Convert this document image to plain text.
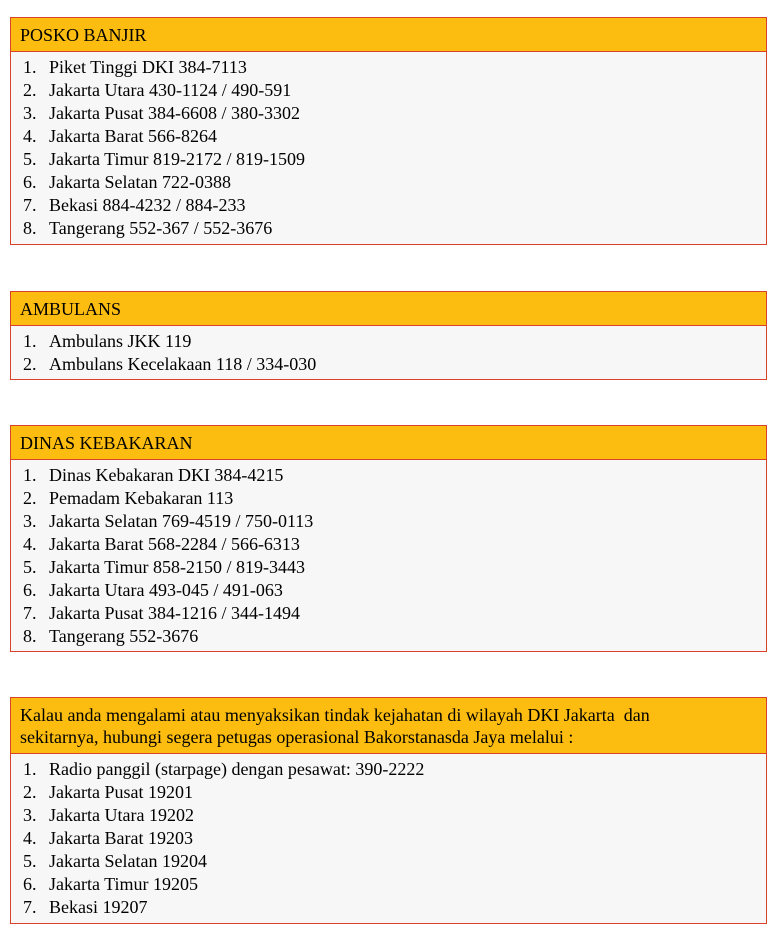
POSKO BANJIR
1. Piket Tinggi DKI 384-7113
2. Jakarta Utara 430-1124 / 490-591
3. Jakarta Pusat 384-6608 / 380-3302
4. Jakarta Barat 566-8264
5. Jakarta Timur 819-2172 / 819-1509
6. Jakarta Selatan 722-0388
7. Bekasi 884-4232 / 884-233
8. Tangerang 552-367 / 552-3676
AMBULANS
1. Ambulans JKK 119
2. Ambulans Kecelakaan 118 / 334-030
DINAS KEBAKARAN
1. Dinas Kebakaran DKI 384-4215
2. Pemadam Kebakaran 113
3. Jakarta Selatan 769-4519 / 750-0113
4. Jakarta Barat 568-2284 / 566-6313
5. Jakarta Timur 858-2150 / 819-3443
6. Jakarta Utara 493-045 / 491-063
7. Jakarta Pusat 384-1216 / 344-1494
8. Tangerang 552-3676
Kalau anda mengalami atau menyaksikan tindak kejahatan di wilayah DKI Jakarta  dan
sekitarnya, hubungi segera petugas operasional Bakorstanasda Jaya melalui :
1. Radio panggil (starpage) dengan pesawat: 390-2222
2. Jakarta Pusat 19201
3. Jakarta Utara 19202
4. Jakarta Barat 19203
5. Jakarta Selatan 19204
6. Jakarta Timur 19205
7. Bekasi 19207
